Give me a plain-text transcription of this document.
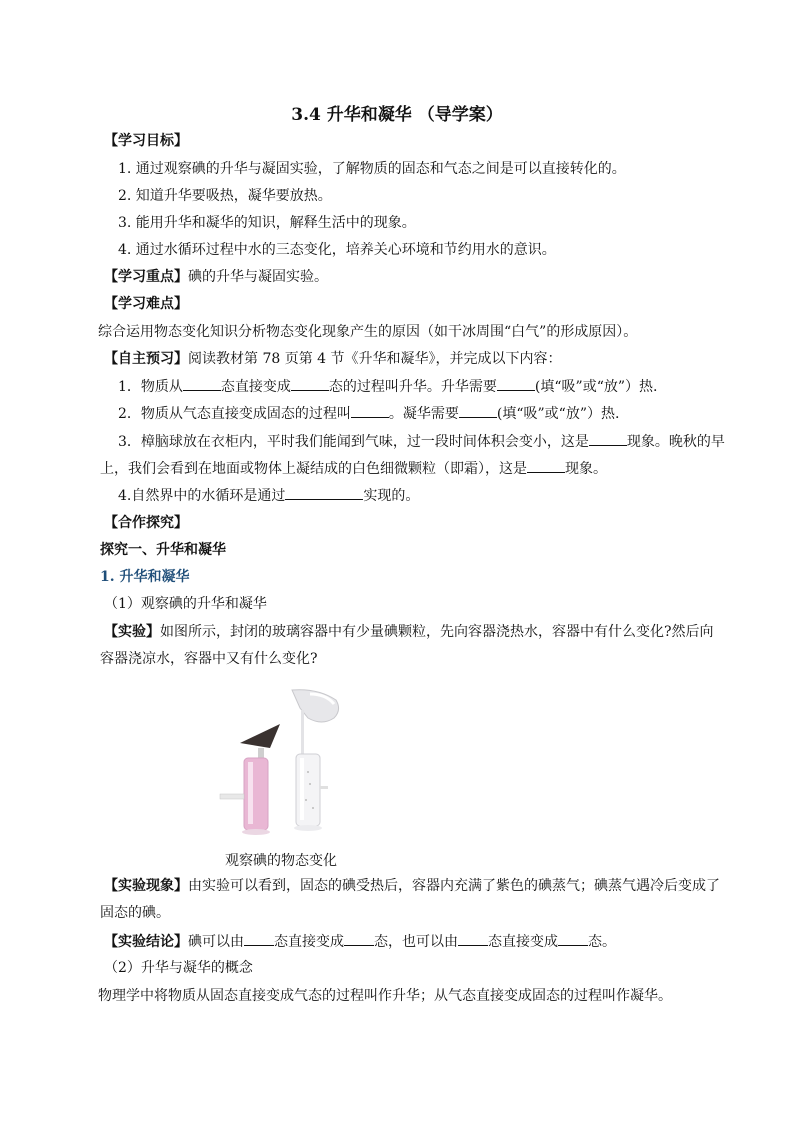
3.4 升华和凝华 （导学案）
【学习目标】
1. 通过观察碘的升华与凝固实验，了解物质的固态和气态之间是可以直接转化的。
2. 知道升华要吸热，凝华要放热。
3. 能用升华和凝华的知识，解释生活中的现象。
4. 通过水循环过程中水的三态变化，培养关心环境和节约用水的意识。
【学习重点】碘的升华与凝固实验。
【学习难点】
综合运用物态变化知识分析物态变化现象产生的原因（如干冰周围“白气”的形成原因）。
【自主预习】阅读教材第 78 页第 4 节《升华和凝华》，并完成以下内容：
1．物质从	态直接变成	态的过程叫升华。升华需要	(填“吸”或“放”）热.
2．物质从气态直接变成固态的过程叫	。凝华需要	(填“吸”或“放”）热.
3．樟脑球放在衣柜内，平时我们能闻到气味，过一段时间体积会变小，这是	现象。晚秋的早
上，我们会看到在地面或物体上凝结成的白色细微颗粒（即霜），这是	现象。
4.自然界中的水循环是通过	实现的。
【合作探究】
探究一、升华和凝华
1. 升华和凝华
（1）观察碘的升华和凝华
【实验】如图所示，封闭的玻璃容器中有少量碘颗粒，先向容器浇热水，容器中有什么变化?然后向
容器浇凉水，容器中又有什么变化?
观察碘的物态变化
【实验现象】由实验可以看到，固态的碘受热后，容器内充满了紫色的碘蒸气；碘蒸气遇冷后变成了
固态的碘。
【实验结论】碘可以由 态直接变成 态，也可以由 态直接变成 态。
（2）升华与凝华的概念
物理学中将物质从固态直接变成气态的过程叫作升华；从气态直接变成固态的过程叫作凝华。
